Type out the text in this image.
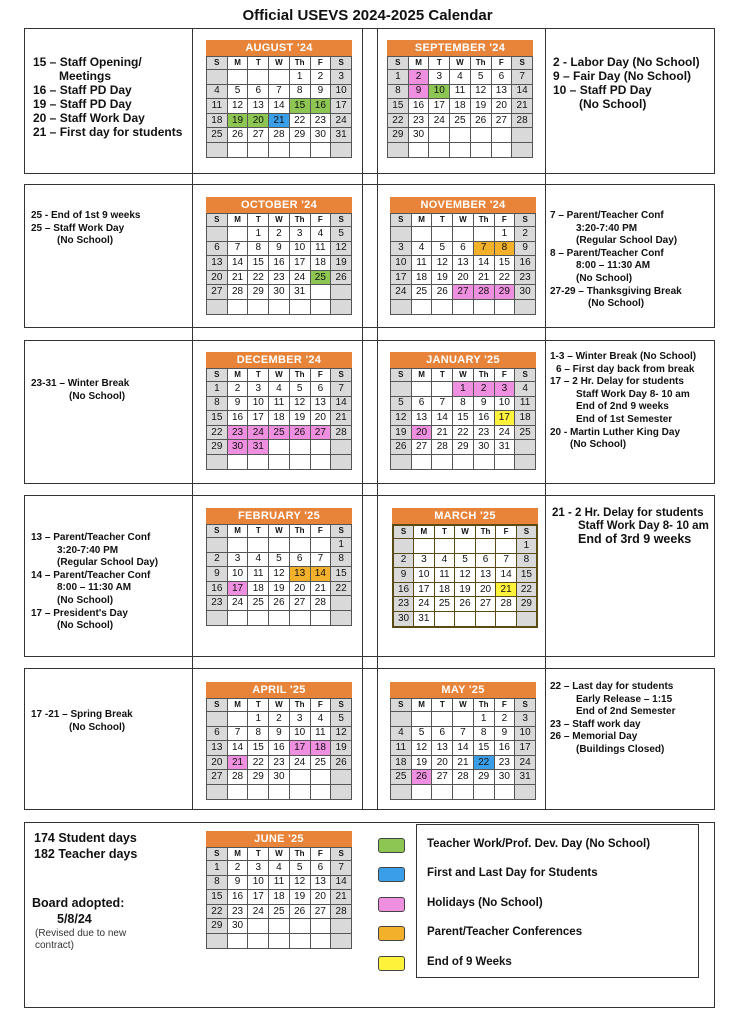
Official USEVS 2024-2025 Calendar
15 – Staff Opening/
Meetings
16 – Staff PD Day
19 – Staff PD Day
20 – Staff Work Day
21 – First day for students
2 - Labor Day (No School)
9 – Fair Day (No School)
10 – Staff PD Day
(No School)
25 - End of 1st 9 weeks
25 – Staff Work Day
(No School)
7 – Parent/Teacher Conf
3:20-7:40 PM
(Regular School Day)
8 – Parent/Teacher Conf
8:00 – 11:30 AM
(No School)
27-29 – Thanksgiving Break
(No School)
23-31 – Winter Break
(No School)
1-3 – Winter Break (No School)
6 – First day back from break
17 – 2 Hr. Delay for students
Staff Work Day 8- 10 am
End of 2nd 9 weeks
End of 1st Semester
20 - Martin Luther King Day
(No School)
13 – Parent/Teacher Conf
3:20-7:40 PM
(Regular School Day)
14 – Parent/Teacher Conf
8:00 – 11:30 AM
(No School)
17 – President's Day
(No School)
21 - 2 Hr. Delay for students
Staff Work Day 8- 10 am
End of 3rd 9 weeks
17 -21 – Spring Break
(No School)
22 – Last day for students
Early Release – 1:15
End of 2nd Semester
23 – Staff work day
26 – Memorial Day
(Buildings Closed)
174 Student days
182 Teacher days
Board adopted:
5/8/24
(Revised due to new
contract)
AUGUST '24
S	M	T	W	Th	F	S
				1	2	3
4	5	6	7	8	9	10
11	12	13	14	15	16	17
18	19	20	21	22	23	24
25	26	27	28	29	30	31

SEPTEMBER '24
S	M	T	W	Th	F	S
1	2	3	4	5	6	7
8	9	10	11	12	13	14
15	16	17	18	19	20	21
22	23	24	25	26	27	28
29	30					

OCTOBER '24
S	M	T	W	Th	F	S
		1	2	3	4	5
6	7	8	9	10	11	12
13	14	15	16	17	18	19
20	21	22	23	24	25	26
27	28	29	30	31		

NOVEMBER '24
S	M	T	W	Th	F	S
					1	2
3	4	5	6	7	8	9
10	11	12	13	14	15	16
17	18	19	20	21	22	23
24	25	26	27	28	29	30

DECEMBER '24
S	M	T	W	Th	F	S
1	2	3	4	5	6	7
8	9	10	11	12	13	14
15	16	17	18	19	20	21
22	23	24	25	26	27	28
29	30	31				

JANUARY '25
S	M	T	W	Th	F	S
			1	2	3	4
5	6	7	8	9	10	11
12	13	14	15	16	17	18
19	20	21	22	23	24	25
26	27	28	29	30	31	

FEBRUARY '25
S	M	T	W	Th	F	S
						1
2	3	4	5	6	7	8
9	10	11	12	13	14	15
16	17	18	19	20	21	22
23	24	25	26	27	28	

MARCH '25
S	M	T	W	Th	F	S
						1
2	3	4	5	6	7	8
9	10	11	12	13	14	15
16	17	18	19	20	21	22
23	24	25	26	27	28	29
30	31					
APRIL '25
S	M	T	W	Th	F	S
		1	2	3	4	5
6	7	8	9	10	11	12
13	14	15	16	17	18	19
20	21	22	23	24	25	26
27	28	29	30			

MAY '25
S	M	T	W	Th	F	S
				1	2	3
4	5	6	7	8	9	10
11	12	13	14	15	16	17
18	19	20	21	22	23	24
25	26	27	28	29	30	31

JUNE '25
S	M	T	W	Th	F	S
1	2	3	4	5	6	7
8	9	10	11	12	13	14
15	16	17	18	19	20	21
22	23	24	25	26	27	28
29	30					

Teacher Work/Prof. Dev. Day (No School)
First and Last Day for Students
Holidays (No School)
Parent/Teacher Conferences
End of 9 Weeks
